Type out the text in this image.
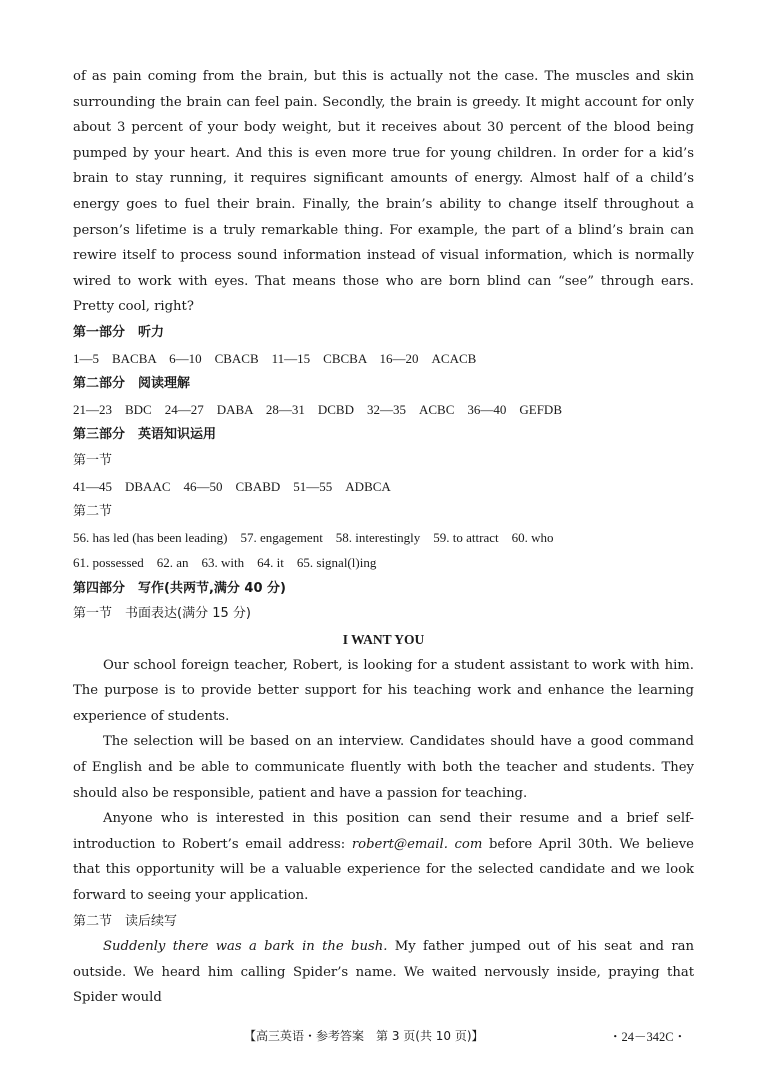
of as pain coming from the brain, but this is actually not the case. The muscles and skin surrounding the brain can feel pain. Secondly, the brain is greedy. It might account for only about 3 percent of your body weight, but it receives about 30 percent of the blood being pumped by your heart. And this is even more true for young children. In order for a kid’s brain to stay running, it requires significant amounts of energy. Almost half of a child’s energy goes to fuel their brain. Finally, the brain’s ability to change itself throughout a person’s lifetime is a truly remarkable thing. For example, the part of a blind’s brain can rewire itself to process sound information instead of visual information, which is normally wired to work with eyes. That means those who are born blind can “see” through ears. Pretty cool, right?

第一部分　听力

1—5　BACBA　6—10　CBACB　11—15　CBCBA　16—20　ACACB

第二部分　阅读理解

21—23　BDC　24—27　DABA　28—31　DCBD　32—35　ACBC　36—40　GEFDB

第三部分　英语知识运用

第一节

41—45　DBAAC　46—50　CBABD　51—55　ADBCA

第二节

56. has led (has been leading)　57. engagement　58. interestingly　59. to attract　60. who

61. possessed　62. an　63. with　64. it　65. signal(l)ing

第四部分　写作(共两节,满分 40 分)

第一节　书面表达(满分 15 分)

I WANT YOU

Our school foreign teacher, Robert, is looking for a student assistant to work with him. The purpose is to provide better support for his teaching work and enhance the learning experience of students.

The selection will be based on an interview. Candidates should have a good command of English and be able to communicate fluently with both the teacher and students. They should also be responsible, patient and have a passion for teaching.

Anyone who is interested in this position can send their resume and a brief self-introduction to Robert’s email address: robert@email. com before April 30th. We believe that this opportunity will be a valuable experience for the selected candidate and we look forward to seeing your application.

第二节　读后续写

Suddenly there was a bark in the bush. My father jumped out of his seat and ran outside. We heard him calling Spider’s name. We waited nervously inside, praying that Spider would

【高三英语・参考答案　第 3 页(共 10 页)】	・24－342C・
